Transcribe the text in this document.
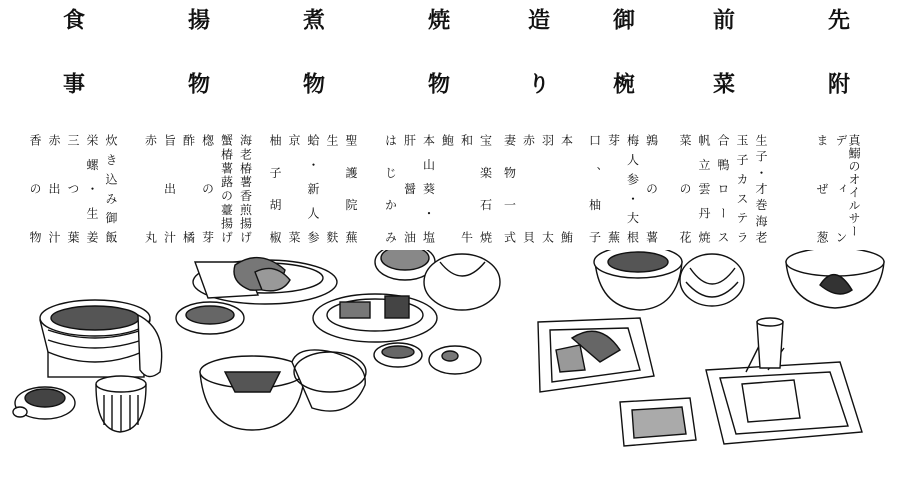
先附
真鰯のオイルサーディン
まぜ葱
前菜
生子・才巻海老
玉子カステラ
合鴨ロース
帆立雲丹焼
菜の花
御椀
鶉の薯
梅人参・大根
芽蕪
口、柚子
造り
本鮪
羽太
赤貝
妻物一式
焼物
宝楽石焼
和牛
鮑
本山葵・塩
肝醤油
はじかみ
煮物
聖護院蕪
生麩
蛤・新人参
京菜
柚子胡椒
揚物
海老椿薯香煎揚げ
蟹椿薯蕗の薹揚げ
楤の芽
酢橘
旨出汁
赤丸
食事
炊き込み御飯
栄螺・生姜
三つ葉
赤出汁
香の物
